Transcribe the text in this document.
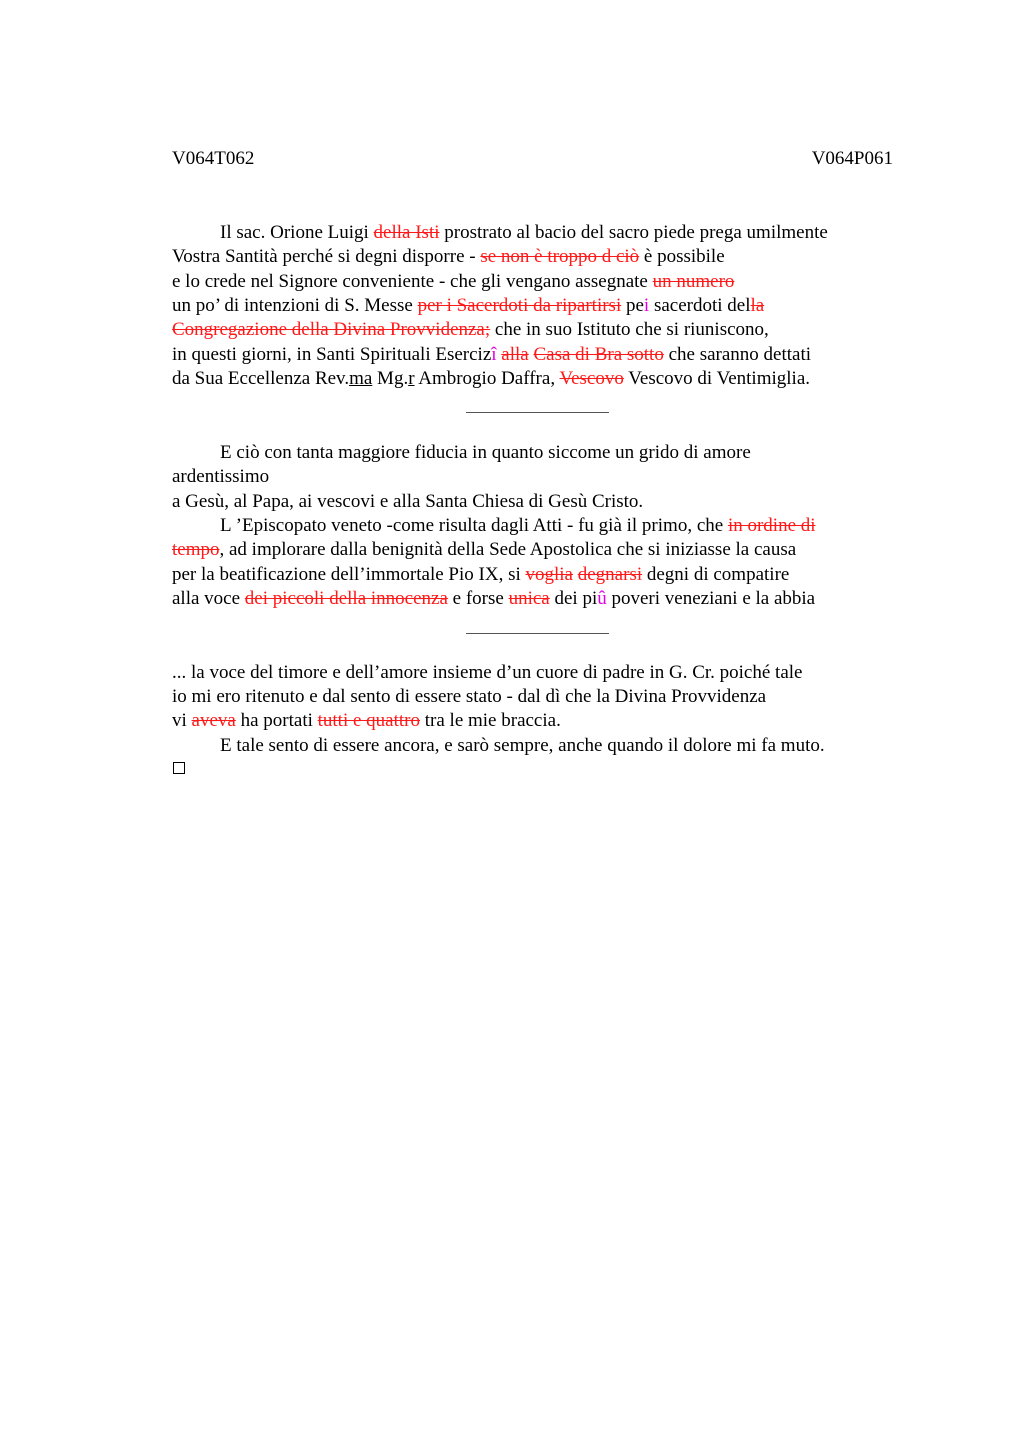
V064T062	V064P061
Il sac. Orione Luigi della Isti prostrato al bacio del sacro piede prega umilmente
Vostra Santità perché si degni disporre - se non è troppo d ciò è possibile
e lo crede nel Signore conveniente - che gli vengano assegnate un numero
un po’ di intenzioni di S. Messe per i Sacerdoti da ripartirsi pei sacerdoti della
Congregazione della Divina Provvidenza; che in suo Istituto che si riuniscono,
in questi giorni, in Santi Spirituali Esercizî alla Casa di Bra sotto che saranno dettati
da Sua Eccellenza Rev.ma Mg.r Ambrogio Daffra, Vescovo Vescovo di Ventimiglia.
E ciò con tanta maggiore fiducia in quanto siccome un grido di amore
ardentissimo
a Gesù, al Papa, ai vescovi e alla Santa Chiesa di Gesù Cristo.
L ’Episcopato veneto -come risulta dagli Atti - fu già il primo, che in ordine di
tempo, ad implorare dalla benignità della Sede Apostolica che si iniziasse la causa
per la beatificazione dell’immortale Pio IX, si voglia degnarsi degni di compatire
alla voce dei piccoli della innocenza e forse unica dei piû poveri veneziani e la abbia
... la voce del timore e dell’amore insieme d’un cuore di padre in G. Cr. poiché tale
io mi ero ritenuto e dal sento di essere stato - dal dì che la Divina Provvidenza
vi aveva ha portati tutti e quattro tra le mie braccia.
E tale sento di essere ancora, e sarò sempre, anche quando il dolore mi fa muto.
